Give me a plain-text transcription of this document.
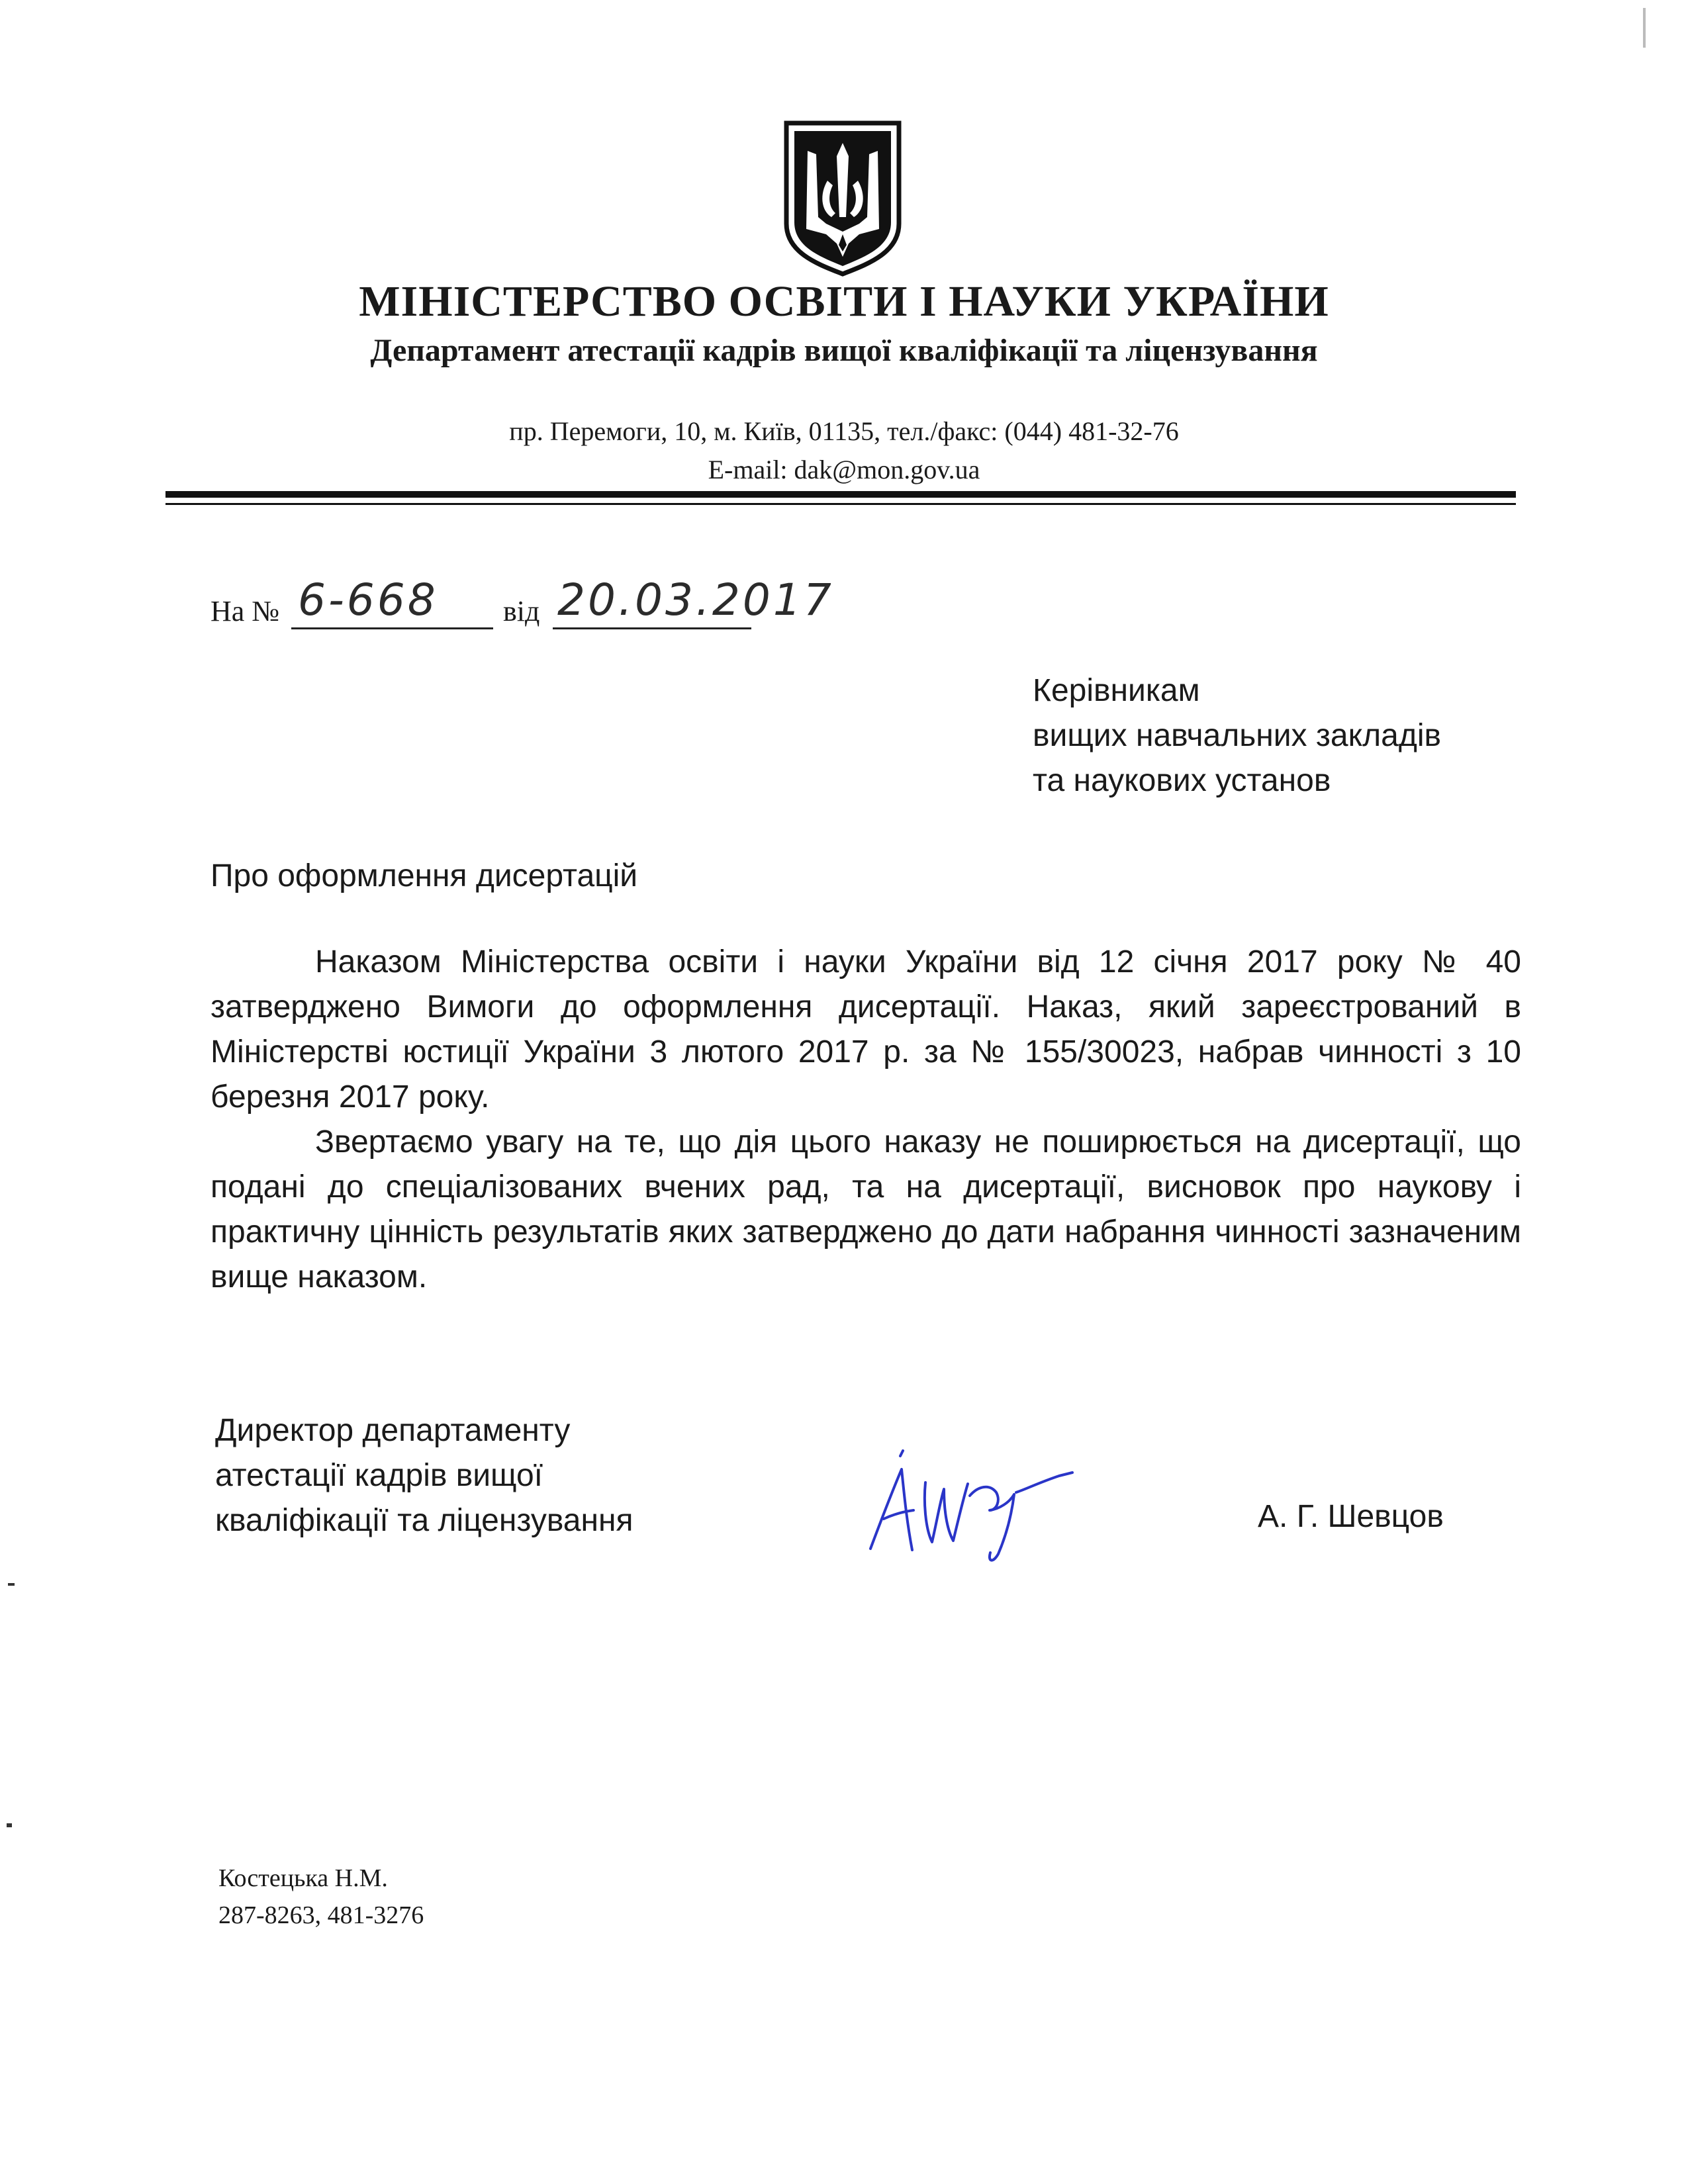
МІНІСТЕРСТВО ОСВІТИ І НАУКИ УКРАЇНИ
Департамент атестації кадрів вищої кваліфікації та ліцензування
пр. Перемоги, 10, м. Київ, 01135, тел./факс: (044) 481-32-76
E-mail: dak@mon.gov.ua
На № 6-668 від 20.03.2017
Керівникам
вищих навчальних закладів
та наукових установ
Про оформлення дисертацій

Наказом Міністерства освіти і науки України від 12 січня 2017 року № 40 затверджено Вимоги до оформлення дисертації. Наказ, який зареєстрований в Міністерстві юстиції України 3 лютого 2017 р. за № 155/30023, набрав чинності з 10 березня 2017 року.

Звертаємо увагу на те, що дія цього наказу не поширюється на дисертації, що подані до спеціалізованих вчених рад, та на дисертації, висновок про наукову і практичну цінність результатів яких затверджено до дати набрання чинності зазначеним вище наказом.

Директор департаменту
атестації кадрів вищої
кваліфікації та ліцензування	А. Г. Шевцов
Костецька Н.М.
287-8263, 481-3276
